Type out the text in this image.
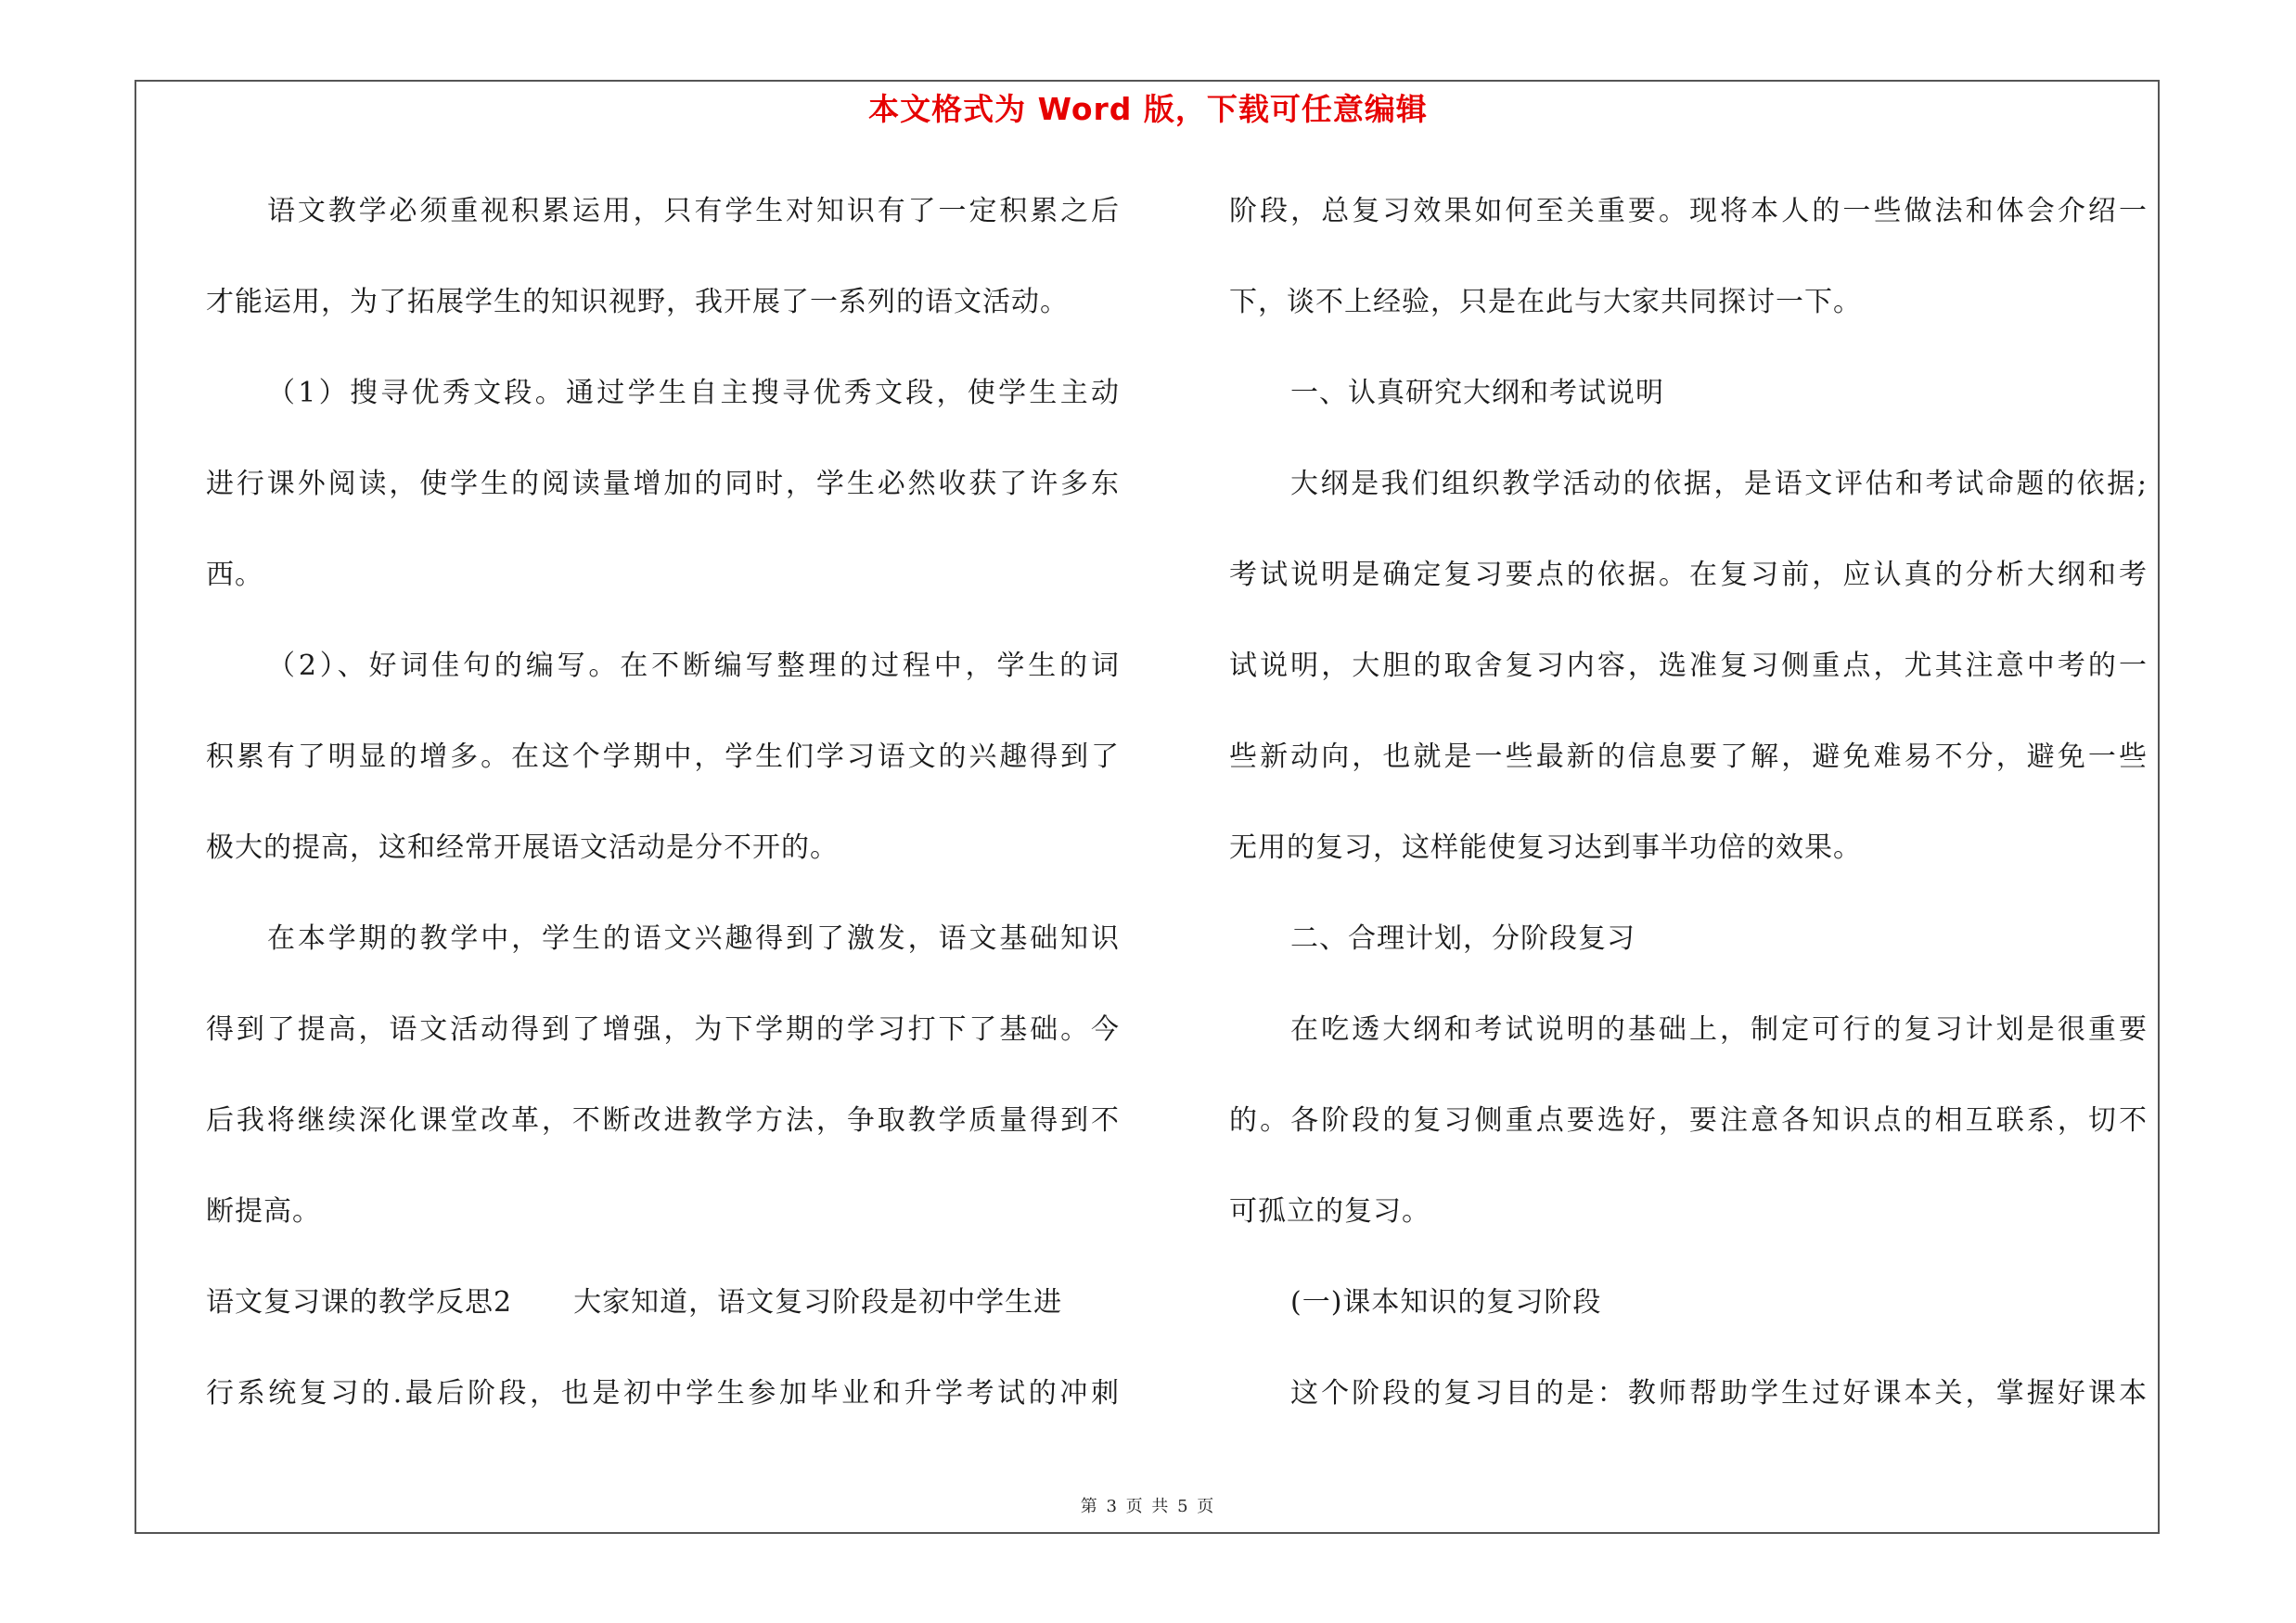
本文格式为 Word 版，下载可任意编辑
语文教学必须重视积累运用，只有学生对知识有了一定积累之后
才能运用，为了拓展学生的知识视野，我开展了一系列的语文活动。
（1）搜寻优秀文段。通过学生自主搜寻优秀文段，使学生主动
进行课外阅读，使学生的阅读量增加的同时，学生必然收获了许多东
西。
（2）、好词佳句的编写。在不断编写整理的过程中，学生的词
积累有了明显的增多。在这个学期中，学生们学习语文的兴趣得到了
极大的提高，这和经常开展语文活动是分不开的。
在本学期的教学中，学生的语文兴趣得到了激发，语文基础知识
得到了提高，语文活动得到了增强，为下学期的学习打下了基础。今
后我将继续深化课堂改革，不断改进教学方法，争取教学质量得到不
断提高。
语文复习课的教学反思2 大家知道，语文复习阶段是初中学生进
行系统复习的.最后阶段，也是初中学生参加毕业和升学考试的冲刺
阶段，总复习效果如何至关重要。现将本人的一些做法和体会介绍一
下，谈不上经验，只是在此与大家共同探讨一下。
一、认真研究大纲和考试说明
大纲是我们组织教学活动的依据，是语文评估和考试命题的依据;
考试说明是确定复习要点的依据。在复习前，应认真的分析大纲和考
试说明，大胆的取舍复习内容，选准复习侧重点，尤其注意中考的一
些新动向，也就是一些最新的信息要了解，避免难易不分，避免一些
无用的复习，这样能使复习达到事半功倍的效果。
二、合理计划，分阶段复习
在吃透大纲和考试说明的基础上，制定可行的复习计划是很重要
的。各阶段的复习侧重点要选好，要注意各知识点的相互联系，切不
可孤立的复习。
(一)课本知识的复习阶段
这个阶段的复习目的是：教师帮助学生过好课本关，掌握好课本
第 3 页 共 5 页
